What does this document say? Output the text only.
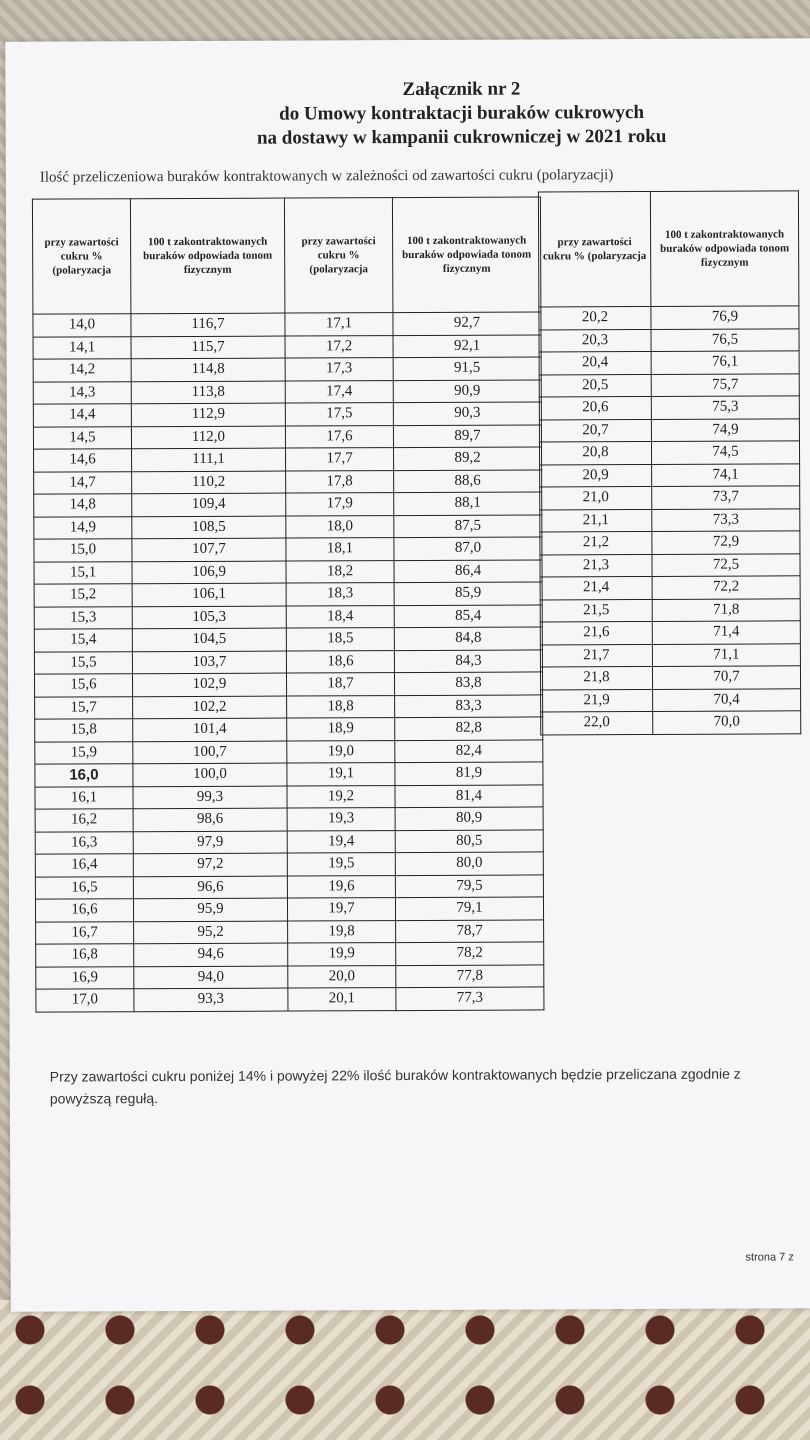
Załącznik nr 2
do Umowy kontraktacji buraków cukrowych
na dostawy w kampanii cukrowniczej w 2021 roku
Ilość przeliczeniowa buraków kontraktowanych w zależności od zawartości cukru (polaryzacji)
przy zawartości cukru % (polaryzacja	100 t zakontraktowanych buraków odpowiada tonom fizycznym	przy zawartości cukru % (polaryzacja	100 t zakontraktowanych buraków odpowiada tonom fizycznym
14,0	116,7	17,1	92,7
14,1	115,7	17,2	92,1
14,2	114,8	17,3	91,5
14,3	113,8	17,4	90,9
14,4	112,9	17,5	90,3
14,5	112,0	17,6	89,7
14,6	111,1	17,7	89,2
14,7	110,2	17,8	88,6
14,8	109,4	17,9	88,1
14,9	108,5	18,0	87,5
15,0	107,7	18,1	87,0
15,1	106,9	18,2	86,4
15,2	106,1	18,3	85,9
15,3	105,3	18,4	85,4
15,4	104,5	18,5	84,8
15,5	103,7	18,6	84,3
15,6	102,9	18,7	83,8
15,7	102,2	18,8	83,3
15,8	101,4	18,9	82,8
15,9	100,7	19,0	82,4
16,0	100,0	19,1	81,9
16,1	99,3	19,2	81,4
16,2	98,6	19,3	80,9
16,3	97,9	19,4	80,5
16,4	97,2	19,5	80,0
16,5	96,6	19,6	79,5
16,6	95,9	19,7	79,1
16,7	95,2	19,8	78,7
16,8	94,6	19,9	78,2
16,9	94,0	20,0	77,8
17,0	93,3	20,1	77,3
przy zawartości cukru % (polaryzacja	100 t zakontraktowanych buraków odpowiada tonom fizycznym
20,2	76,9
20,3	76,5
20,4	76,1
20,5	75,7
20,6	75,3
20,7	74,9
20,8	74,5
20,9	74,1
21,0	73,7
21,1	73,3
21,2	72,9
21,3	72,5
21,4	72,2
21,5	71,8
21,6	71,4
21,7	71,1
21,8	70,7
21,9	70,4
22,0	70,0
Przy zawartości cukru poniżej 14% i powyżej 22% ilość buraków kontraktowanych będzie przeliczana zgodnie z powyższą regułą.
strona 7 z
